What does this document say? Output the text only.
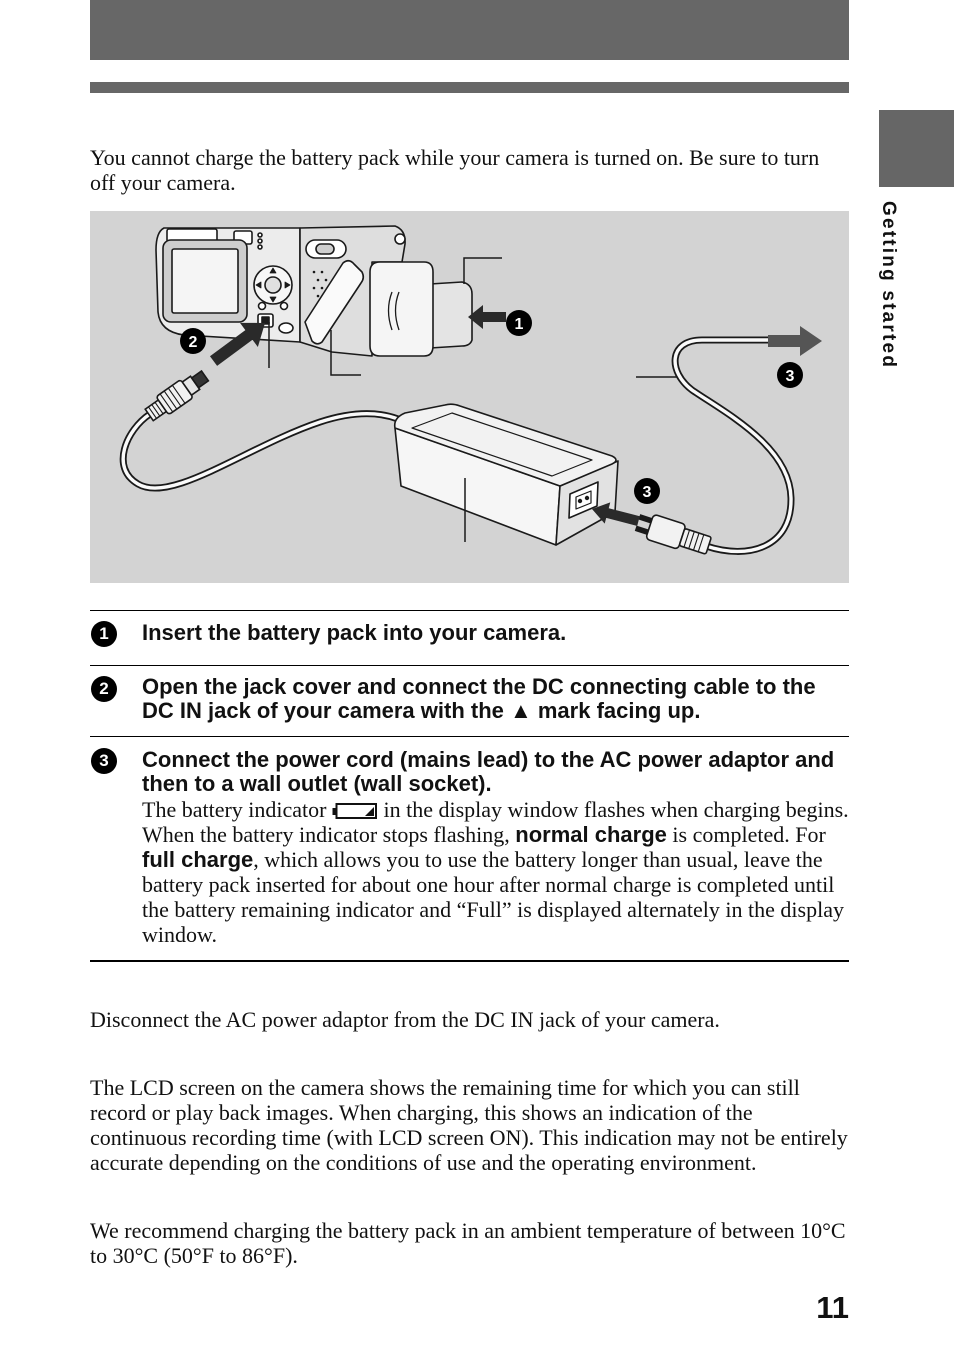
Getting started

You cannot charge the battery pack while your camera is turned on. Be sure to turn off your camera.

1
2
3
3
1	Insert the battery pack into your camera.

2	Open the jack cover and connect the DC connecting cable to the DC IN jack of your camera with the ▲ mark facing up.

3	Connect the power cord (mains lead) to the AC power adaptor and then to a wall outlet (wall socket).

The battery indicator  in the display window flashes when charging begins. When the battery indicator stops flashing, normal charge is completed. For full charge, which allows you to use the battery longer than usual, leave the battery pack inserted for about one hour after normal charge is completed until the battery remaining indicator and “Full” is displayed alternately in the display window.

Disconnect the AC power adaptor from the DC IN jack of your camera.

The LCD screen on the camera shows the remaining time for which you can still record or play back images. When charging, this shows an indication of the continuous recording time (with LCD screen ON). This indication may not be entirely accurate depending on the conditions of use and the operating environment.

We recommend charging the battery pack in an ambient temperature of between 10°C to 30°C (50°F to 86°F).

11
